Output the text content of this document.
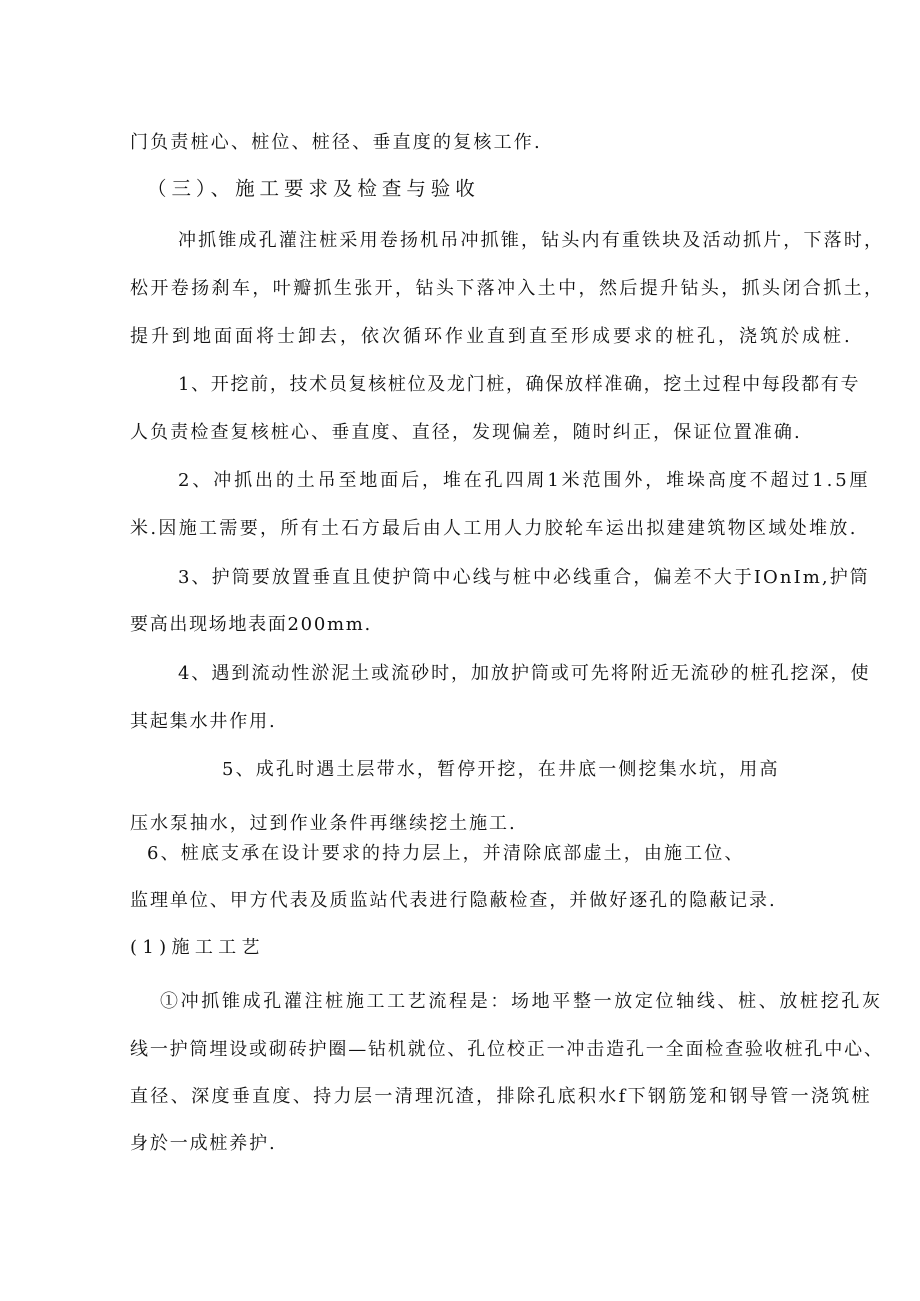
门负责桩心、桩位、桩径、垂直度的复核工作.

（三）、施工要求及检查与验收

冲抓锥成孔灌注桩采用卷扬机吊冲抓锥，钻头内有重铁块及活动抓片，下落时，

松开卷扬刹车，叶瓣抓生张开，钻头下落冲入土中，然后提升钻头，抓头闭合抓土，

提升到地面面将士卸去，依次循环作业直到直至形成要求的桩孔，浇筑於成桩.

1、开挖前，技术员复核桩位及龙门桩，确保放样准确，挖土过程中每段都有专

人负责检查复核桩心、垂直度、直径，发现偏差，随时纠正，保证位置准确.

2、冲抓出的土吊至地面后，堆在孔四周1米范围外，堆垛高度不超过1.5厘

米.因施工需要，所有土石方最后由人工用人力胶轮车运出拟建建筑物区域处堆放.

3、护筒要放置垂直且使护筒中心线与桩中必线重合，偏差不大于IOnIm,护筒

要高出现场地表面200mm.

4、遇到流动性淤泥土或流砂时，加放护筒或可先将附近无流砂的桩孔挖深，使

其起集水井作用.

5、成孔时遇土层带水，暂停开挖，在井底一侧挖集水坑，用高

压水泵抽水，过到作业条件再继续挖土施工.

6、桩底支承在设计要求的持力层上，并清除底部虚土，由施工位、

监理单位、甲方代表及质监站代表进行隐蔽检查，并做好逐孔的隐蔽记录.

(1)施工工艺

①冲抓锥成孔灌注桩施工工艺流程是：场地平整一放定位轴线、桩、放桩挖孔灰

线一护筒埋设或砌砖护圈—钻机就位、孔位校正一冲击造孔一全面检查验收桩孔中心、

直径、深度垂直度、持力层一清理沉渣，排除孔底积水f下钢筋笼和钢导管一浇筑桩

身於一成桩养护.
